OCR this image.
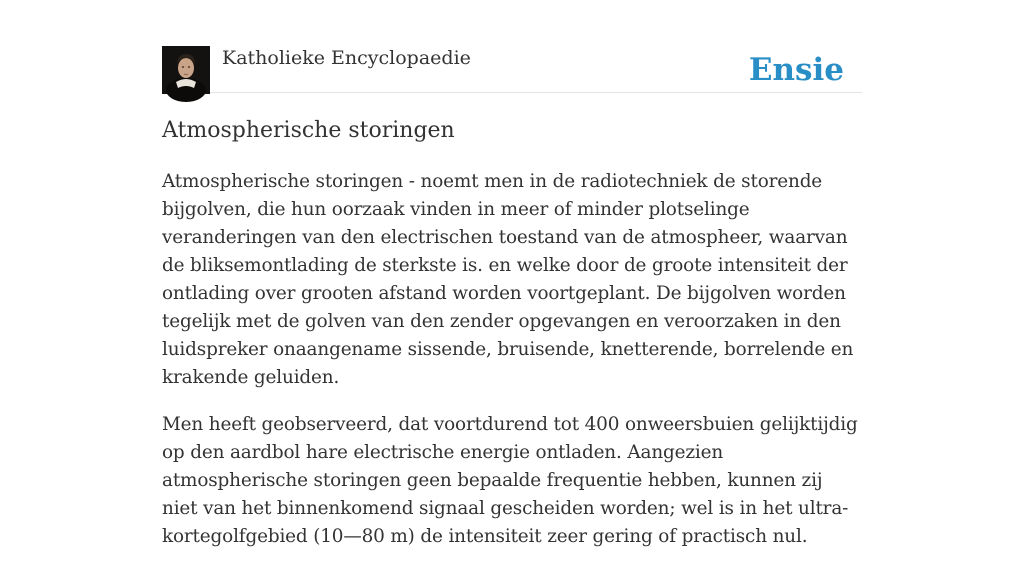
Katholieke Encyclopaedie	Ensie
Atmospherische storingen

Atmospherische storingen - noemt men in de radiotechniek de storende bijgolven, die hun oorzaak vinden in meer of minder plotselinge veranderingen van den electrischen toestand van de atmospheer, waarvan de bliksemontlading de sterkste is. en welke door de groote intensiteit der ontlading over grooten afstand worden voortgeplant. De bijgolven worden tegelijk met de golven van den zender opgevangen en veroorzaken in den luidspreker onaangename sissende, bruisende, knetterende, borrelende en krakende geluiden.

Men heeft geobserveerd, dat voortdurend tot 400 onweersbuien gelijktijdig op den aardbol hare electrische energie ontladen. Aangezien atmospherische storingen geen bepaalde frequentie hebben, kunnen zij niet van het binnenkomend signaal gescheiden worden; wel is in het ultra-kortegolfgebied (10—80 m) de intensiteit zeer gering of practisch nul.
